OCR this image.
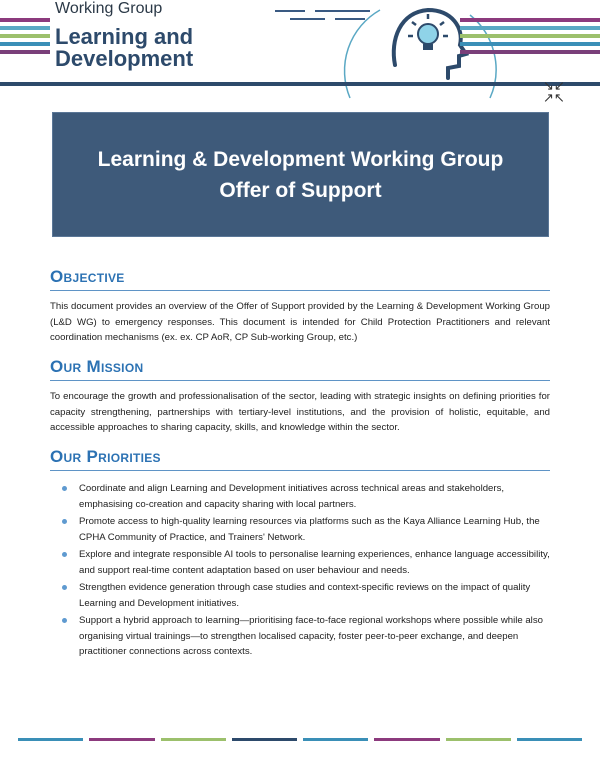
Working Group
Learning and
Development
↘↙
↗↖
Learning & Development Working Group
Offer of Support
Objective

This document provides an overview of the Offer of Support provided by the Learning & Development Working Group (L&D WG) to emergency responses. This document is intended for Child Protection Practitioners and relevant coordination mechanisms (ex. ex. CP AoR, CP Sub-working Group, etc.)

Our Mission

To encourage the growth and professionalisation of the sector, leading with strategic insights on defining priorities for capacity strengthening, partnerships with tertiary-level institutions, and the provision of holistic, equitable, and accessible approaches to sharing capacity, skills, and knowledge within the sector.

Our Priorities
Coordinate and align Learning and Development initiatives across technical areas and stakeholders, emphasising co-creation and capacity sharing with local partners.
Promote access to high-quality learning resources via platforms such as the Kaya Alliance Learning Hub, the CPHA Community of Practice, and Trainers' Network.
Explore and integrate responsible AI tools to personalise learning experiences, enhance language accessibility, and support real-time content adaptation based on user behaviour and needs.
Strengthen evidence generation through case studies and context-specific reviews on the impact of quality Learning and Development initiatives.
Support a hybrid approach to learning—prioritising face-to-face regional workshops where possible while also organising virtual trainings—to strengthen localised capacity, foster peer-to-peer exchange, and deepen practitioner connections across contexts.
